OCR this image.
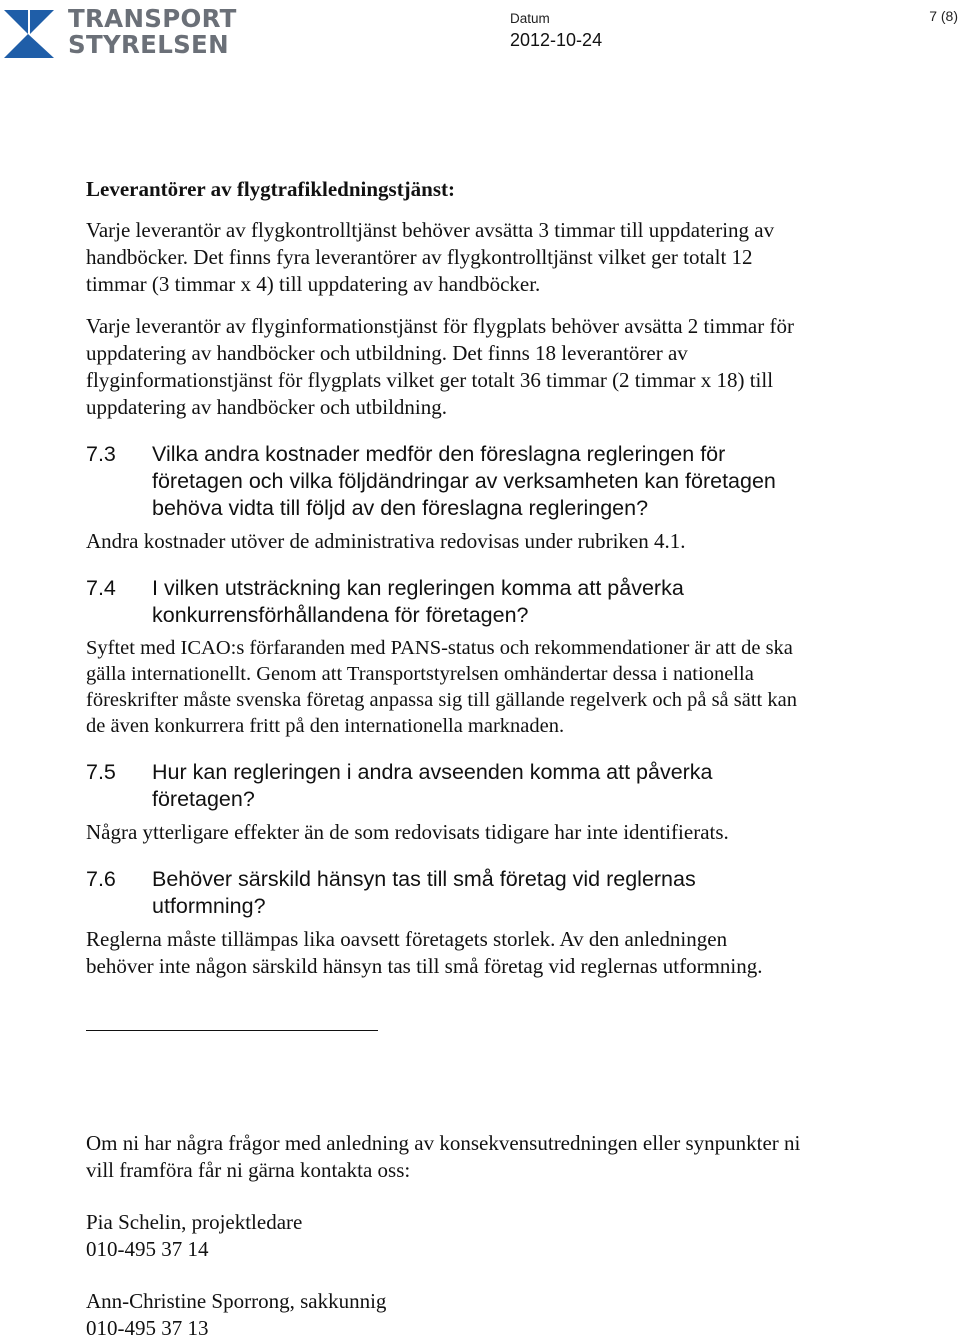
TRANSPORT
STYRELSEN
Datum
2012-10-24
7 (8)

Leverantörer av flygtrafikledningstjänst:

Varje leverantör av flygkontrolltjänst behöver avsätta 3 timmar till uppdatering av handböcker. Det finns fyra leverantörer av flygkontrolltjänst vilket ger totalt 12 timmar (3 timmar x 4) till uppdatering av handböcker.

Varje leverantör av flyginformationstjänst för flygplats behöver avsätta 2 timmar för uppdatering av handböcker och utbildning. Det finns 18 leverantörer av flyginformationstjänst för flygplats vilket ger totalt 36 timmar (2 timmar x 18) till uppdatering av handböcker och utbildning.

7.3	Vilka andra kostnader medför den föreslagna regleringen för företagen och vilka följdändringar av verksamheten kan företagen behöva vidta till följd av den föreslagna regleringen?

Andra kostnader utöver de administrativa redovisas under rubriken 4.1.

7.4	I vilken utsträckning kan regleringen komma att påverka konkurrensförhållandena för företagen?

Syftet med ICAO:s förfaranden med PANS-status och rekommendationer är att de ska gälla internationellt. Genom att Transportstyrelsen omhändertar dessa i nationella föreskrifter måste svenska företag anpassa sig till gällande regelverk och på så sätt kan de även konkurrera fritt på den internationella marknaden.

7.5	Hur kan regleringen i andra avseenden komma att påverka företagen?

Några ytterligare effekter än de som redovisats tidigare har inte identifierats.

7.6	Behöver särskild hänsyn tas till små företag vid reglernas utformning?

Reglerna måste tillämpas lika oavsett företagets storlek. Av den anledningen behöver inte någon särskild hänsyn tas till små företag vid reglernas utformning.

Om ni har några frågor med anledning av konsekvensutredningen eller synpunkter ni vill framföra får ni gärna kontakta oss:

Pia Schelin, projektledare
010-495 37 14
Ann-Christine Sporrong, sakkunnig
010-495 37 13
